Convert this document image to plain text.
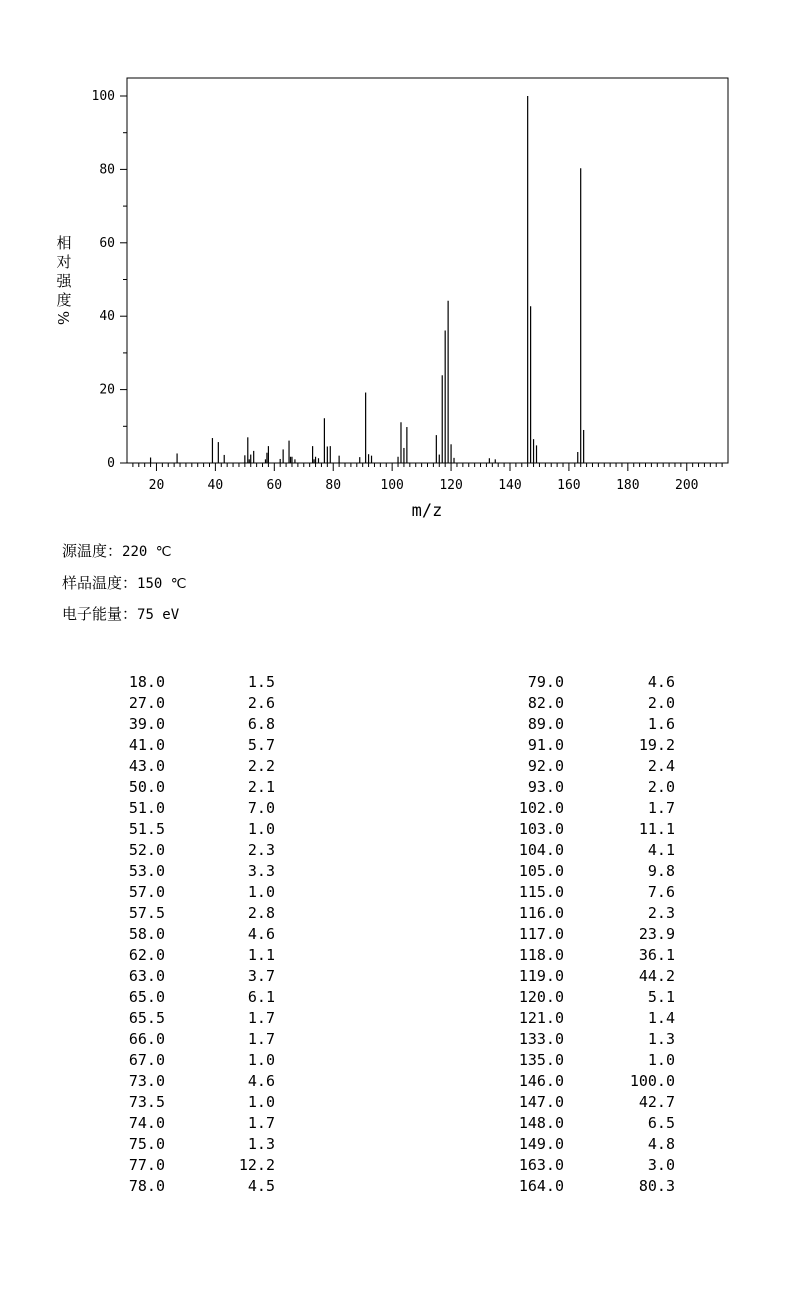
20	40	60	80	100	120	140	160	180	200
0
20
40
60
80
100
相
对
强
度
%
m/z
源温度：220 ℃
样品温度：150 ℃
电子能量：75 eV
18.0	1.5
27.0	2.6
39.0	6.8
41.0	5.7
43.0	2.2
50.0	2.1
51.0	7.0
51.5	1.0
52.0	2.3
53.0	3.3
57.0	1.0
57.5	2.8
58.0	4.6
62.0	1.1
63.0	3.7
65.0	6.1
65.5	1.7
66.0	1.7
67.0	1.0
73.0	4.6
73.5	1.0
74.0	1.7
75.0	1.3
77.0	12.2
78.0	4.5
79.0	4.6
82.0	2.0
89.0	1.6
91.0	19.2
92.0	2.4
93.0	2.0
102.0	1.7
103.0	11.1
104.0	4.1
105.0	9.8
115.0	7.6
116.0	2.3
117.0	23.9
118.0	36.1
119.0	44.2
120.0	5.1
121.0	1.4
133.0	1.3
135.0	1.0
146.0	100.0
147.0	42.7
148.0	6.5
149.0	4.8
163.0	3.0
164.0	80.3
